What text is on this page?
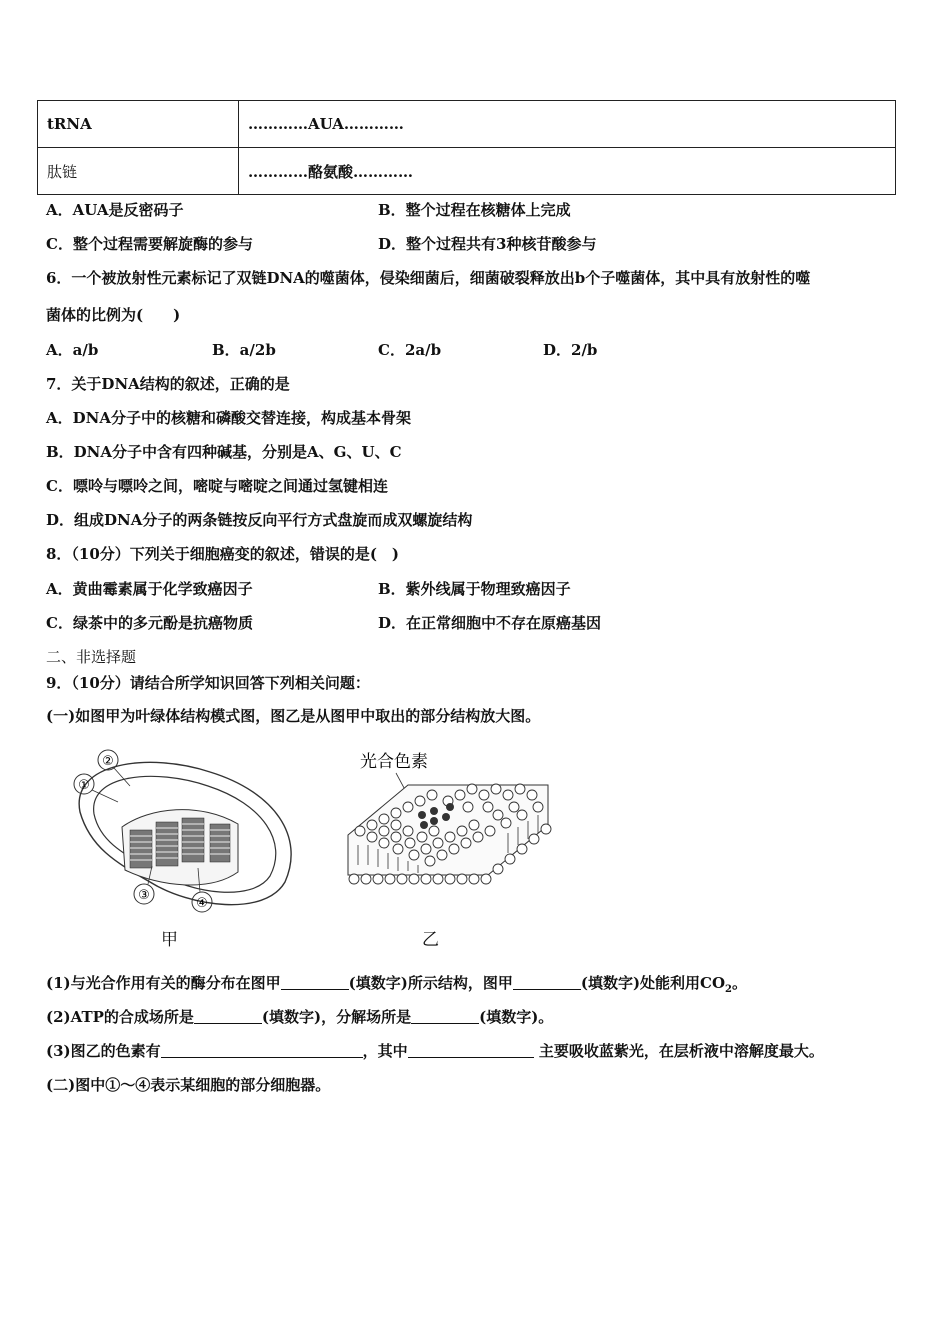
tRNA	…………AUA…………
肽链	…………酪氨酸…………
A．AUA是反密码子	B．整个过程在核糖体上完成
C．整个过程需要解旋酶的参与	D．整个过程共有3种核苷酸参与
6．一个被放射性元素标记了双链DNA的噬菌体，侵染细菌后，细菌破裂释放出b个子噬菌体，其中具有放射性的噬
菌体的比例为(　　)
A．a/b	B．a/2b	C．2a/b	D．2/b
7．关于DNA结构的叙述，正确的是
A．DNA分子中的核糖和磷酸交替连接，构成基本骨架
B．DNA分子中含有四种碱基，分别是A、G、U、C
C．嘌呤与嘌呤之间，嘧啶与嘧啶之间通过氢键相连
D．组成DNA分子的两条链按反向平行方式盘旋而成双螺旋结构
8．（10分）下列关于细胞癌变的叙述，错误的是(　)
A．黄曲霉素属于化学致癌因子	B．紫外线属于物理致癌因子
C．绿茶中的多元酚是抗癌物质	D．在正常细胞中不存在原癌基因
二、非选择题
9．（10分）请结合所学知识回答下列相关问题：
(一)如图甲为叶绿体结构模式图，图乙是从图甲中取出的部分结构放大图。
②
①
③
④
光合色素
甲	乙
(1)与光合作用有关的酶分布在图甲	(填数字)所示结构，图甲	(填数字)处能利用$CO_2$。
(2)ATP的合成场所是	(填数字)，分解场所是	(填数字)。
(3)图乙的色素有	，其中	主要吸收蓝紫光，在层析液中溶解度最大。
(二)图中①～④表示某细胞的部分细胞器。
